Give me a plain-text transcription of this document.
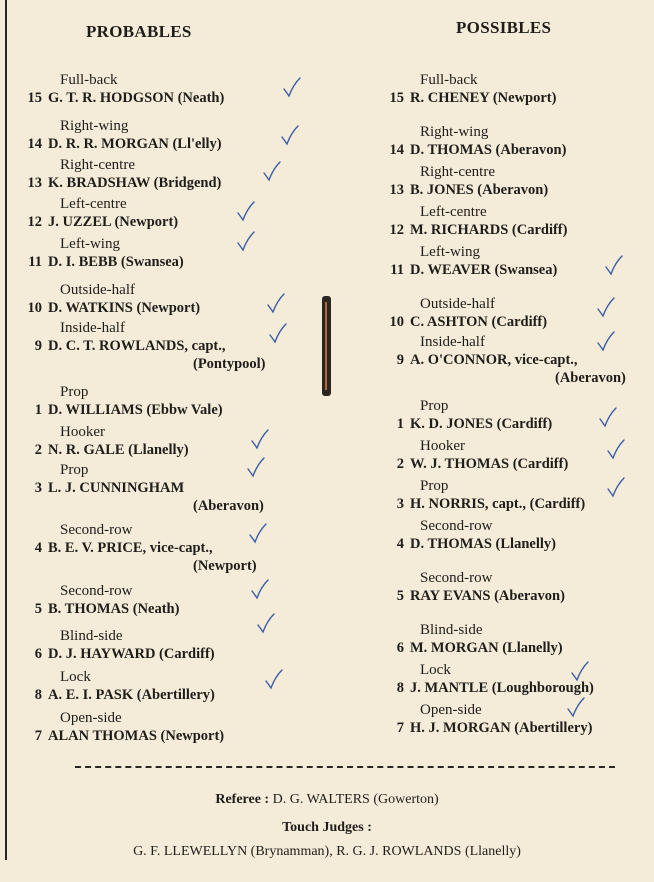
PROBABLES	POSSIBLES
Full-back
15 G. T. R. HODGSON (Neath)
Right-wing
14 D. R. R. MORGAN (Ll'elly)
Right-centre
13 K. BRADSHAW (Bridgend)
Left-centre
12 J. UZZEL (Newport)
Left-wing
11 D. I. BEBB (Swansea)
Outside-half
10 D. WATKINS (Newport)
Inside-half
9 D. C. T. ROWLANDS, capt.,
(Pontypool)
Prop
1 D. WILLIAMS (Ebbw Vale)
Hooker
2 N. R. GALE (Llanelly)
Prop
3 L. J. CUNNINGHAM
(Aberavon)
Second-row
4 B. E. V. PRICE, vice-capt.,
(Newport)
Second-row
5 B. THOMAS (Neath)
Blind-side
6 D. J. HAYWARD (Cardiff)
Lock
8 A. E. I. PASK (Abertillery)
Open-side
7 ALAN THOMAS (Newport)
Full-back
15 R. CHENEY (Newport)
Right-wing
14 D. THOMAS (Aberavon)
Right-centre
13 B. JONES (Aberavon)
Left-centre
12 M. RICHARDS (Cardiff)
Left-wing
11 D. WEAVER (Swansea)
Outside-half
10 C. ASHTON (Cardiff)
Inside-half
9 A. O'CONNOR, vice-capt.,
(Aberavon)
Prop
1 K. D. JONES (Cardiff)
Hooker
2 W. J. THOMAS (Cardiff)
Prop
3 H. NORRIS, capt., (Cardiff)
Second-row
4 D. THOMAS (Llanelly)
Second-row
5 RAY EVANS (Aberavon)
Blind-side
6 M. MORGAN (Llanelly)
Lock
8 J. MANTLE (Loughborough)
Open-side
7 H. J. MORGAN (Abertillery)
Referee : D. G. WALTERS (Gowerton)
Touch Judges :
G. F. LLEWELLYN (Brynamman), R. G. J. ROWLANDS (Llanelly)
